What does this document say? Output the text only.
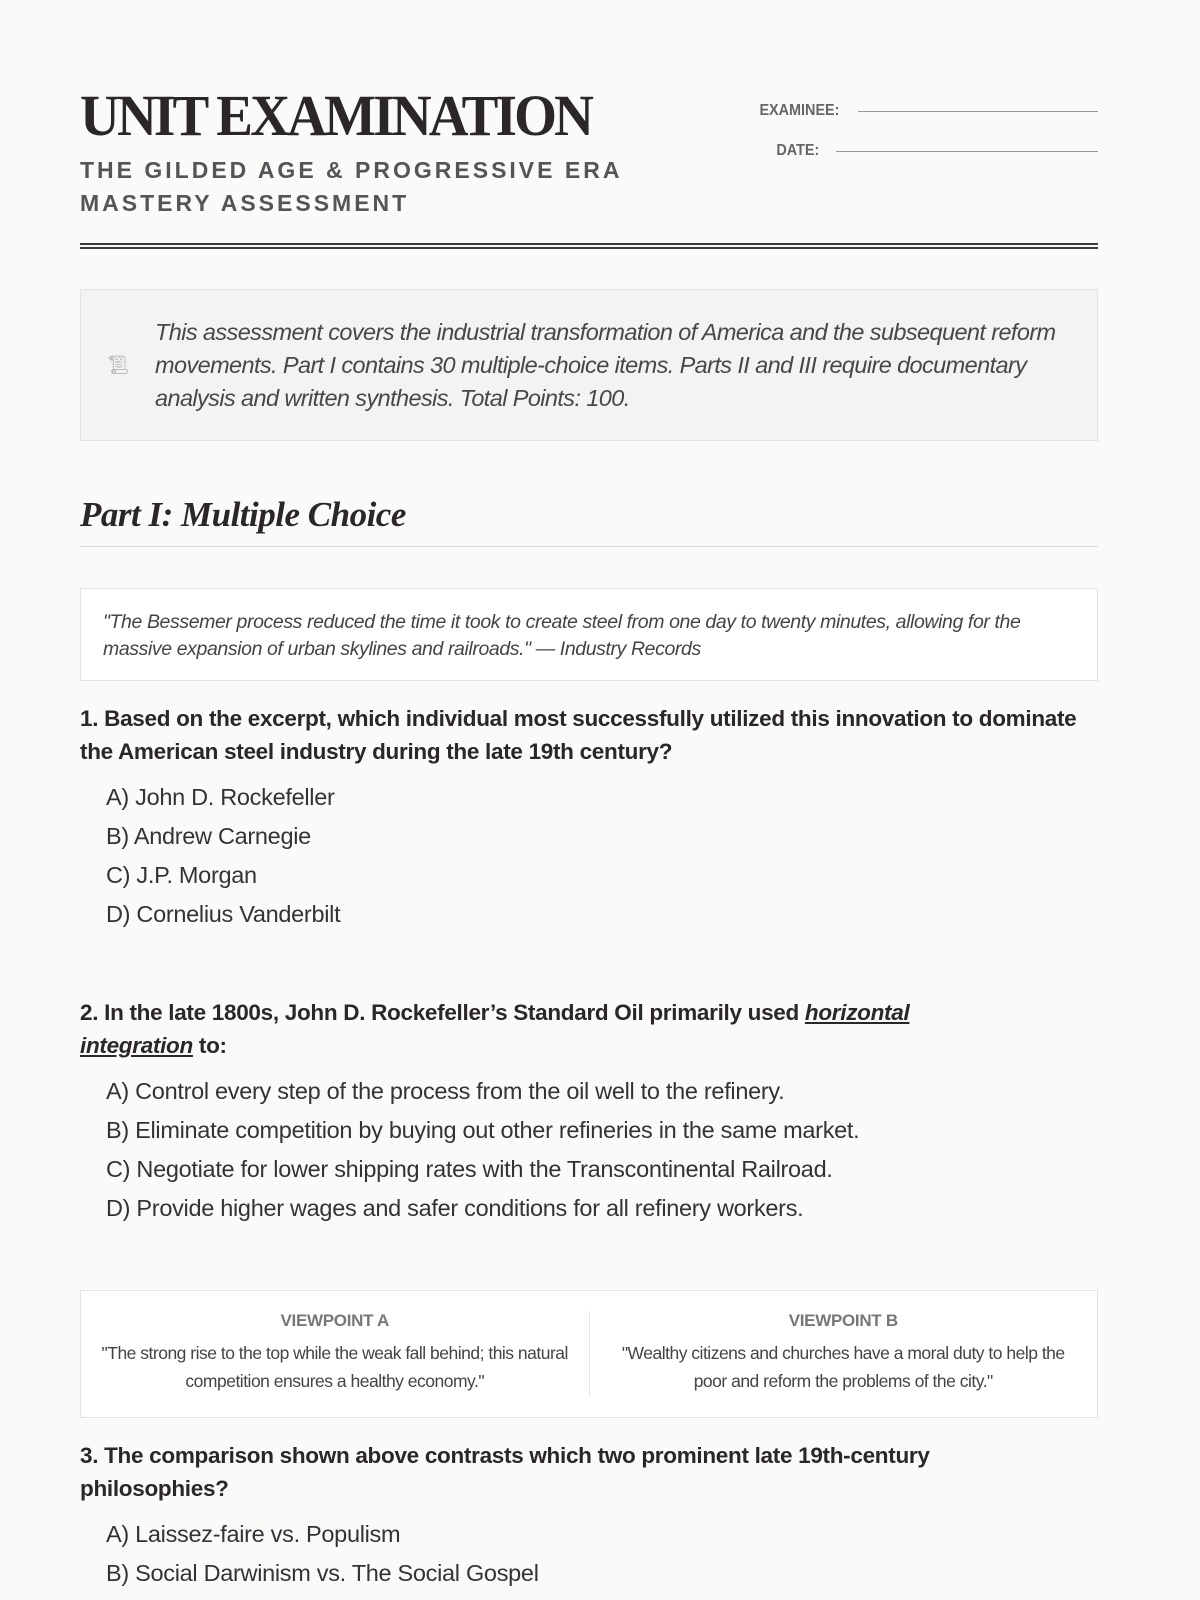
UNIT EXAMINATION
THE GILDED AGE & PROGRESSIVE ERA MASTERY ASSESSMENT
EXAMINEE:
DATE:
📜︎

This assessment covers the industrial transformation of America and the subsequent reform movements. Part I contains 30 multiple-choice items. Parts II and III require documentary analysis and written synthesis. Total Points: 100.

Part I: Multiple Choice
"The Bessemer process reduced the time it took to create steel from one day to twenty minutes, allowing for the massive expansion of urban skylines and railroads." — Industry Records
1. Based on the excerpt, which individual most successfully utilized this innovation to dominate the American steel industry during the late 19th century?
A) John D. Rockefeller
B) Andrew Carnegie
C) J.P. Morgan
D) Cornelius Vanderbilt
2. In the late 1800s, John D. Rockefeller’s Standard Oil primarily used horizontal integration to:
A) Control every step of the process from the oil well to the refinery.
B) Eliminate competition by buying out other refineries in the same market.
C) Negotiate for lower shipping rates with the Transcontinental Railroad.
D) Provide higher wages and safer conditions for all refinery workers.
VIEWPOINT A

"The strong rise to the top while the weak fall behind; this natural competition ensures a healthy economy."

VIEWPOINT B

"Wealthy citizens and churches have a moral duty to help the poor and reform the problems of the city."

3. The comparison shown above contrasts which two prominent late 19th-century philosophies?
A) Laissez-faire vs. Populism
B) Social Darwinism vs. The Social Gospel
